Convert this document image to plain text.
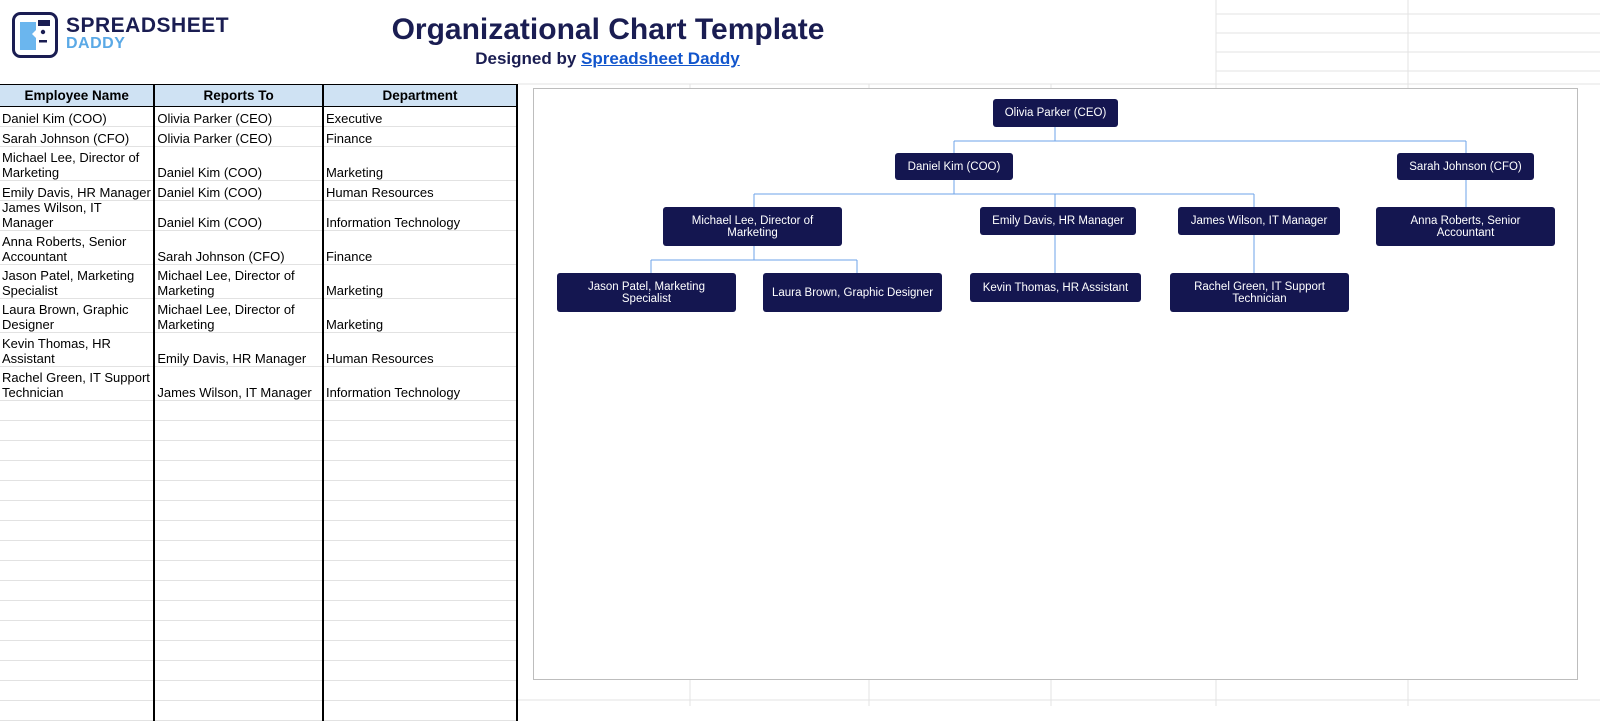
SPREADSHEET
DADDY	Organizational Chart Template
Designed by Spreadsheet Daddy
Employee Name	Reports To	Department
Daniel Kim (COO)	Olivia Parker (CEO)	Executive
Sarah Johnson (CFO)	Olivia Parker (CEO)	Finance
Michael Lee, Director of Marketing	Daniel Kim (COO)	Marketing
Emily Davis, HR Manager	Daniel Kim (COO)	Human Resources
James Wilson, IT Manager	Daniel Kim (COO)	Information Technology
Anna Roberts, Senior Accountant	Sarah Johnson (CFO)	Finance
Jason Patel, Marketing Specialist	Michael Lee, Director of Marketing	Marketing
Laura Brown, Graphic Designer	Michael Lee, Director of Marketing	Marketing
Kevin Thomas, HR Assistant	Emily Davis, HR Manager	Human Resources
Rachel Green, IT Support Technician	James Wilson, IT Manager	Information Technology

Olivia Parker (CEO)
Daniel Kim (COO)	Sarah Johnson (CFO)
Michael Lee, Director of Marketing
Emily Davis, HR Manager	James Wilson, IT Manager	Anna Roberts, Senior Accountant
Jason Patel, Marketing Specialist	Laura Brown, Graphic Designer	Kevin Thomas, HR Assistant	Rachel Green, IT Support Technician
